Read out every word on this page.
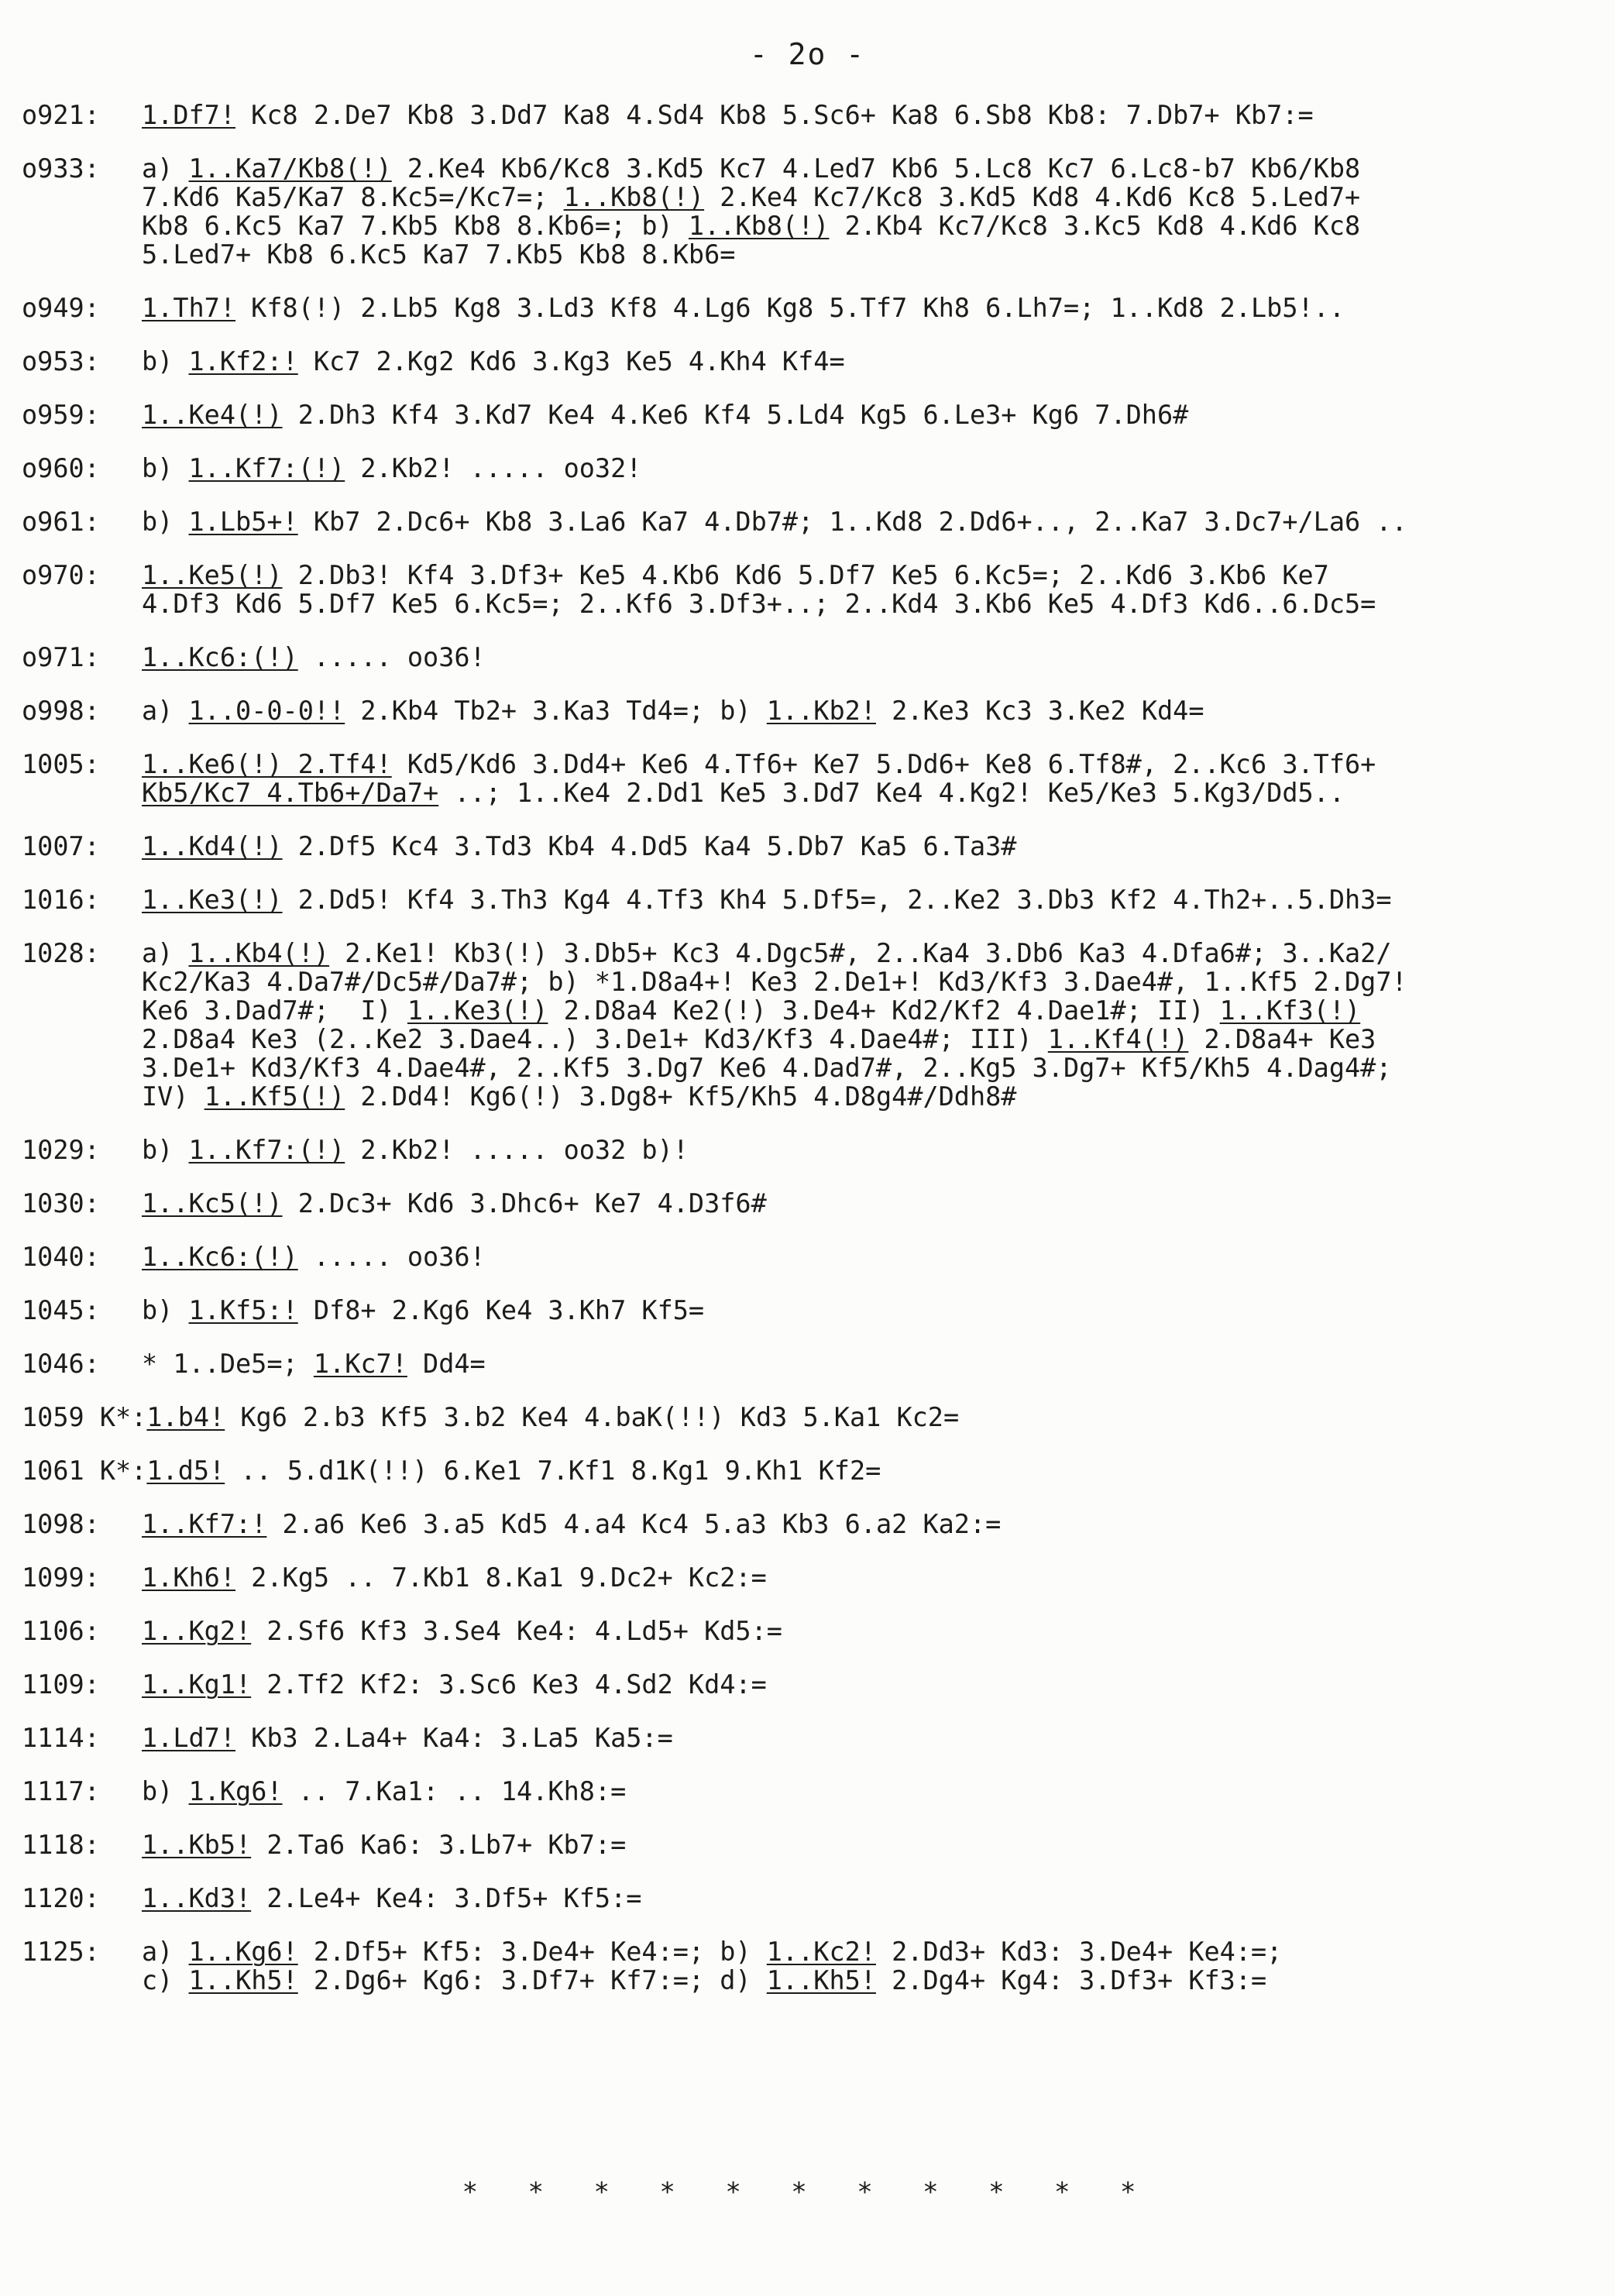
- 2o -
o921:	1.Df7! Kc8 2.De7 Kb8 3.Dd7 Ka8 4.Sd4 Kb8 5.Sc6+ Ka8 6.Sb8 Kb8: 7.Db7+ Kb7:=
o933:	a) 1..Ka7/Kb8(!) 2.Ke4 Kb6/Kc8 3.Kd5 Kc7 4.Led7 Kb6 5.Lc8 Kc7 6.Lc8-b7 Kb6/Kb8
7.Kd6 Ka5/Ka7 8.Kc5=/Kc7=; 1..Kb8(!) 2.Ke4 Kc7/Kc8 3.Kd5 Kd8 4.Kd6 Kc8 5.Led7+
Kb8 6.Kc5 Ka7 7.Kb5 Kb8 8.Kb6=; b) 1..Kb8(!) 2.Kb4 Kc7/Kc8 3.Kc5 Kd8 4.Kd6 Kc8
5.Led7+ Kb8 6.Kc5 Ka7 7.Kb5 Kb8 8.Kb6=
o949:	1.Th7! Kf8(!) 2.Lb5 Kg8 3.Ld3 Kf8 4.Lg6 Kg8 5.Tf7 Kh8 6.Lh7=; 1..Kd8 2.Lb5!..
o953:	b) 1.Kf2:! Kc7 2.Kg2 Kd6 3.Kg3 Ke5 4.Kh4 Kf4=
o959:	1..Ke4(!) 2.Dh3 Kf4 3.Kd7 Ke4 4.Ke6 Kf4 5.Ld4 Kg5 6.Le3+ Kg6 7.Dh6#
o960:	b) 1..Kf7:(!) 2.Kb2! ..... oo32!
o961:	b) 1.Lb5+! Kb7 2.Dc6+ Kb8 3.La6 Ka7 4.Db7#; 1..Kd8 2.Dd6+.., 2..Ka7 3.Dc7+/La6 ..
o970:	1..Ke5(!) 2.Db3! Kf4 3.Df3+ Ke5 4.Kb6 Kd6 5.Df7 Ke5 6.Kc5=; 2..Kd6 3.Kb6 Ke7
4.Df3 Kd6 5.Df7 Ke5 6.Kc5=; 2..Kf6 3.Df3+..; 2..Kd4 3.Kb6 Ke5 4.Df3 Kd6..6.Dc5=
o971:	1..Kc6:(!) ..... oo36!
o998:	a) 1..0-0-0!! 2.Kb4 Tb2+ 3.Ka3 Td4=; b) 1..Kb2! 2.Ke3 Kc3 3.Ke2 Kd4=
1005:	1..Ke6(!) 2.Tf4! Kd5/Kd6 3.Dd4+ Ke6 4.Tf6+ Ke7 5.Dd6+ Ke8 6.Tf8#, 2..Kc6 3.Tf6+
Kb5/Kc7 4.Tb6+/Da7+ ..; 1..Ke4 2.Dd1 Ke5 3.Dd7 Ke4 4.Kg2! Ke5/Ke3 5.Kg3/Dd5..
1007:	1..Kd4(!) 2.Df5 Kc4 3.Td3 Kb4 4.Dd5 Ka4 5.Db7 Ka5 6.Ta3#
1016:	1..Ke3(!) 2.Dd5! Kf4 3.Th3 Kg4 4.Tf3 Kh4 5.Df5=, 2..Ke2 3.Db3 Kf2 4.Th2+..5.Dh3=
1028:	a) 1..Kb4(!) 2.Ke1! Kb3(!) 3.Db5+ Kc3 4.Dgc5#, 2..Ka4 3.Db6 Ka3 4.Dfa6#; 3..Ka2/
Kc2/Ka3 4.Da7#/Dc5#/Da7#; b) *1.D8a4+! Ke3 2.De1+! Kd3/Kf3 3.Dae4#, 1..Kf5 2.Dg7!
Ke6 3.Dad7#;  I) 1..Ke3(!) 2.D8a4 Ke2(!) 3.De4+ Kd2/Kf2 4.Dae1#; II) 1..Kf3(!)
2.D8a4 Ke3 (2..Ke2 3.Dae4..) 3.De1+ Kd3/Kf3 4.Dae4#; III) 1..Kf4(!) 2.D8a4+ Ke3
3.De1+ Kd3/Kf3 4.Dae4#, 2..Kf5 3.Dg7 Ke6 4.Dad7#, 2..Kg5 3.Dg7+ Kf5/Kh5 4.Dag4#;
IV) 1..Kf5(!) 2.Dd4! Kg6(!) 3.Dg8+ Kf5/Kh5 4.D8g4#/Ddh8#
1029:	b) 1..Kf7:(!) 2.Kb2! ..... oo32 b)!
1030:	1..Kc5(!) 2.Dc3+ Kd6 3.Dhc6+ Ke7 4.D3f6#
1040:	1..Kc6:(!) ..... oo36!
1045:	b) 1.Kf5:! Df8+ 2.Kg6 Ke4 3.Kh7 Kf5=
1046:	* 1..De5=; 1.Kc7! Dd4=
1059 K*: 1.b4! Kg6 2.b3 Kf5 3.b2 Ke4 4.baK(!!) Kd3 5.Ka1 Kc2=
1061 K*: 1.d5! .. 5.d1K(!!) 6.Ke1 7.Kf1 8.Kg1 9.Kh1 Kf2=
1098:	1..Kf7:! 2.a6 Ke6 3.a5 Kd5 4.a4 Kc4 5.a3 Kb3 6.a2 Ka2:=
1099:	1.Kh6! 2.Kg5 .. 7.Kb1 8.Ka1 9.Dc2+ Kc2:=
1106:	1..Kg2! 2.Sf6 Kf3 3.Se4 Ke4: 4.Ld5+ Kd5:=
1109:	1..Kg1! 2.Tf2 Kf2: 3.Sc6 Ke3 4.Sd2 Kd4:=
1114:	1.Ld7! Kb3 2.La4+ Ka4: 3.La5 Ka5:=
1117:	b) 1.Kg6! .. 7.Ka1: .. 14.Kh8:=
1118:	1..Kb5! 2.Ta6 Ka6: 3.Lb7+ Kb7:=
1120:	1..Kd3! 2.Le4+ Ke4: 3.Df5+ Kf5:=
1125:	a) 1..Kg6! 2.Df5+ Kf5: 3.De4+ Ke4:=; b) 1..Kc2! 2.Dd3+ Kd3: 3.De4+ Ke4:=;
c) 1..Kh5! 2.Dg6+ Kg6: 3.Df7+ Kf7:=; d) 1..Kh5! 2.Dg4+ Kg4: 3.Df3+ Kf3:=
* * * * * * * * * * *
